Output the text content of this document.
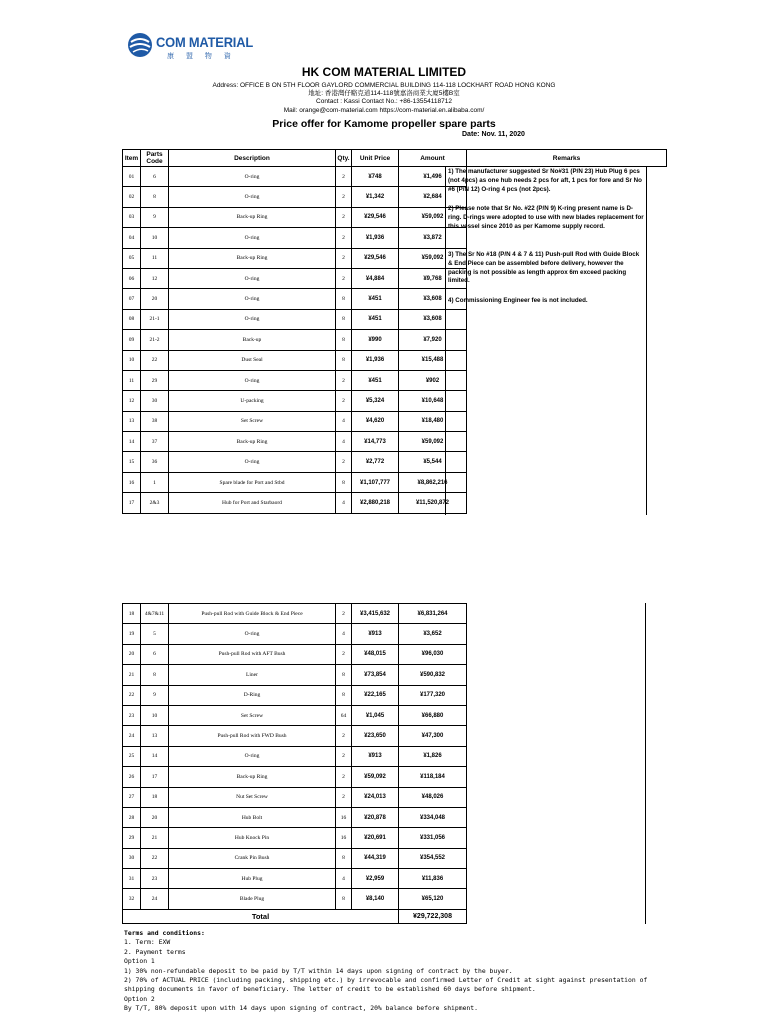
COM MATERIAL
康 盟 物 資
HK COM MATERIAL LIMITED
Address: OFFICE B ON 5TH FLOOR GAYLORD COMMERCIAL BUILDING 114-118 LOCKHART ROAD HONG KONG
地址: 香港灣仔駱克道114-118號嘉洛商業大廈5樓B室
Contact : Kassi Contact No.: +86-13554118712
Mail: orange@com-material.com https://com-material.en.alibaba.com/
Price offer for Kamome propeller spare parts
Date: Nov. 11, 2020
Item	Parts Code	Description	Qty.	Unit Price	Amount	Remarks
01	6	O-ring	2	¥748	¥1,496	
02	8	O-ring	2	¥1,342	¥2,684	
03	9	Back-up Ring	2	¥29,546	¥59,092	
04	10	O-ring	2	¥1,936	¥3,872	
05	11	Back-up Ring	2	¥29,546	¥59,092	
06	12	O-ring	2	¥4,884	¥9,768	
07	20	O-ring	8	¥451	¥3,608	
08	21-1	O-ring	8	¥451	¥3,608	
09	21-2	Back-up	8	¥990	¥7,920	
10	22	Dust Seal	8	¥1,936	¥15,488	
11	29	O-ring	2	¥451	¥902	
12	30	U-packing	2	¥5,324	¥10,648	
13	38	Set Screw	4	¥4,620	¥18,480	
14	37	Back-up Ring	4	¥14,773	¥59,092	
15	36	O-ring	2	¥2,772	¥5,544	
16	1	Spare blade for Port and Stbd	8	¥1,107,777	¥8,862,216	
17	2&3	Hub for Port and Starbaord	4	¥2,880,218	¥11,520,872	
1) The manufacturer suggested Sr No#31 (P/N 23) Hub Plug 6 pcs (not 4pcs) as one hub needs 2 pcs for aft, 1 pcs for fore and Sr No #6 (P/N 12) O-ring 4 pcs (not 2pcs).
2) Please note that Sr No. #22 (P/N 9) K-ring present name is D-ring. D-rings were adopted to use with new blades replacement for this vessel since 2010 as per Kamome supply record.
3) The Sr No #18 (P/N 4 & 7 & 11) Push-pull Rod with Guide Block & End Piece can be assembled before delivery, however the packing is not possible as length approx 6m exceed packing limited.
4) Commissioning Engineer fee is not included.
18	4&7&11	Push-pull Rod with Guide Block & End Piece	2	¥3,415,632	¥6,831,264
19	5	O-ring	4	¥913	¥3,652
20	6	Push-pull Rod with AFT Bush	2	¥48,015	¥96,030
21	8	Liner	8	¥73,854	¥590,832
22	9	D-Ring	8	¥22,165	¥177,320
23	10	Set Screw	64	¥1,045	¥66,880
24	13	Push-pull Rod with FWD Bush	2	¥23,650	¥47,300
25	14	O-ring	2	¥913	¥1,826
26	17	Back-up Ring	2	¥59,092	¥118,184
27	18	Nut Set Screw	2	¥24,013	¥48,026
28	20	Hub Bolt	16	¥20,878	¥334,048
29	21	Hub Knock Pin	16	¥20,691	¥331,056
30	22	Crank Pin Bush	8	¥44,319	¥354,552
31	23	Hub Plug	4	¥2,959	¥11,836
32	24	Blade Plug	8	¥8,140	¥65,120
Total					¥29,722,308
Terms and conditions:
1. Term: EXW
2. Payment terms
Option 1
1) 30% non-refundable deposit to be paid by T/T within 14 days upon signing of contract by the buyer.
2) 70% of ACTUAL PRICE (including packing, shipping etc.) by irrevocable and confirmed Letter of Credit at sight against presentation of
shipping documents in favor of beneficiary. The letter of credit to be established 60 days before shipment.
Option 2
By T/T, 80% deposit upon with 14 days upon signing of contract, 20% balance before shipment.
